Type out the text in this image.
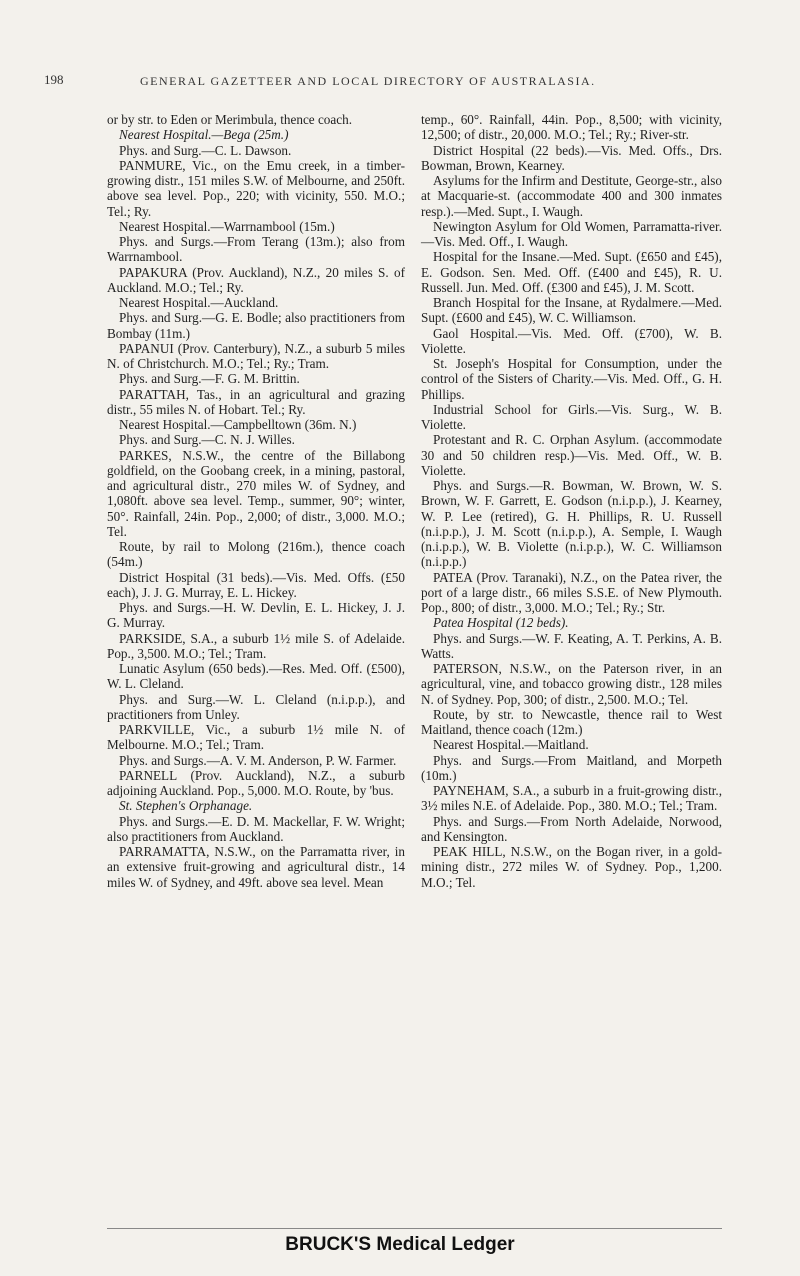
198	GENERAL GAZETTEER AND LOCAL DIRECTORY OF AUSTRALASIA.

or by str. to Eden or Merimbula, thence coach.

Nearest Hospital.—Bega (25m.)

Phys. and Surg.—C. L. Dawson.

PANMURE, Vic., on the Emu creek, in a timber-growing distr., 151 miles S.W. of Melbourne, and 250ft. above sea level. Pop., 220; with vicinity, 550. M.O.; Tel.; Ry.

Nearest Hospital.—Warrnambool (15m.)

Phys. and Surgs.—From Terang (13m.); also from Warrnambool.

PAPAKURA (Prov. Auckland), N.Z., 20 miles S. of Auckland. M.O.; Tel.; Ry.

Nearest Hospital.—Auckland.

Phys. and Surg.—G. E. Bodle; also practitioners from Bombay (11m.)

PAPANUI (Prov. Canterbury), N.Z., a suburb 5 miles N. of Christchurch. M.O.; Tel.; Ry.; Tram.

Phys. and Surg.—F. G. M. Brittin.

PARATTAH, Tas., in an agricultural and grazing distr., 55 miles N. of Hobart. Tel.; Ry.

Nearest Hospital.—Campbelltown (36m. N.)

Phys. and Surg.—C. N. J. Willes.

PARKES, N.S.W., the centre of the Billabong goldfield, on the Goobang creek, in a mining, pastoral, and agricultural distr., 270 miles W. of Sydney, and 1,080ft. above sea level. Temp., summer, 90°; winter, 50°. Rainfall, 24in. Pop., 2,000; of distr., 3,000. M.O.; Tel.

Route, by rail to Molong (216m.), thence coach (54m.)

District Hospital (31 beds).—Vis. Med. Offs. (£50 each), J. J. G. Murray, E. L. Hickey.

Phys. and Surgs.—H. W. Devlin, E. L. Hickey, J. J. G. Murray.

PARKSIDE, S.A., a suburb 1½ mile S. of Adelaide. Pop., 3,500. M.O.; Tel.; Tram.

Lunatic Asylum (650 beds).—Res. Med. Off. (£500), W. L. Cleland.

Phys. and Surg.—W. L. Cleland (n.i.p.p.), and practitioners from Unley.

PARKVILLE, Vic., a suburb 1½ mile N. of Melbourne. M.O.; Tel.; Tram.

Phys. and Surgs.—A. V. M. Anderson, P. W. Farmer.

PARNELL (Prov. Auckland), N.Z., a suburb adjoining Auckland. Pop., 5,000. M.O. Route, by 'bus.

St. Stephen's Orphanage.

Phys. and Surgs.—E. D. M. Mackellar, F. W. Wright; also practitioners from Auckland.

PARRAMATTA, N.S.W., on the Parramatta river, in an extensive fruit-growing and agricultural distr., 14 miles W. of Sydney, and 49ft. above sea level. Mean

temp., 60°. Rainfall, 44in. Pop., 8,500; with vicinity, 12,500; of distr., 20,000. M.O.; Tel.; Ry.; River-str.

District Hospital (22 beds).—Vis. Med. Offs., Drs. Bowman, Brown, Kearney.

Asylums for the Infirm and Destitute, George-str., also at Macquarie-st. (accommodate 400 and 300 inmates resp.).—Med. Supt., I. Waugh.

Newington Asylum for Old Women, Parramatta-river.—Vis. Med. Off., I. Waugh.

Hospital for the Insane.—Med. Supt. (£650 and £45), E. Godson. Sen. Med. Off. (£400 and £45), R. U. Russell. Jun. Med. Off. (£300 and £45), J. M. Scott.

Branch Hospital for the Insane, at Rydalmere.—Med. Supt. (£600 and £45), W. C. Williamson.

Gaol Hospital.—Vis. Med. Off. (£700), W. B. Violette.

St. Joseph's Hospital for Consumption, under the control of the Sisters of Charity.—Vis. Med. Off., G. H. Phillips.

Industrial School for Girls.—Vis. Surg., W. B. Violette.

Protestant and R. C. Orphan Asylum. (accommodate 30 and 50 children resp.)—Vis. Med. Off., W. B. Violette.

Phys. and Surgs.—R. Bowman, W. Brown, W. S. Brown, W. F. Garrett, E. Godson (n.i.p.p.), J. Kearney, W. P. Lee (retired), G. H. Phillips, R. U. Russell (n.i.p.p.), J. M. Scott (n.i.p.p.), A. Semple, I. Waugh (n.i.p.p.), W. B. Violette (n.i.p.p.), W. C. Williamson (n.i.p.p.)

PATEA (Prov. Taranaki), N.Z., on the Patea river, the port of a large distr., 66 miles S.S.E. of New Plymouth. Pop., 800; of distr., 3,000. M.O.; Tel.; Ry.; Str.

Patea Hospital (12 beds).

Phys. and Surgs.—W. F. Keating, A. T. Perkins, A. B. Watts.

PATERSON, N.S.W., on the Paterson river, in an agricultural, vine, and tobacco growing distr., 128 miles N. of Sydney. Pop, 300; of distr., 2,500. M.O.; Tel.

Route, by str. to Newcastle, thence rail to West Maitland, thence coach (12m.)

Nearest Hospital.—Maitland.

Phys. and Surgs.—From Maitland, and Morpeth (10m.)

PAYNEHAM, S.A., a suburb in a fruit-growing distr., 3½ miles N.E. of Adelaide. Pop., 380. M.O.; Tel.; Tram.

Phys. and Surgs.—From North Adelaide, Norwood, and Kensington.

PEAK HILL, N.S.W., on the Bogan river, in a gold-mining distr., 272 miles W. of Sydney. Pop., 1,200. M.O.; Tel.

BRUCK'S Medical Ledger
